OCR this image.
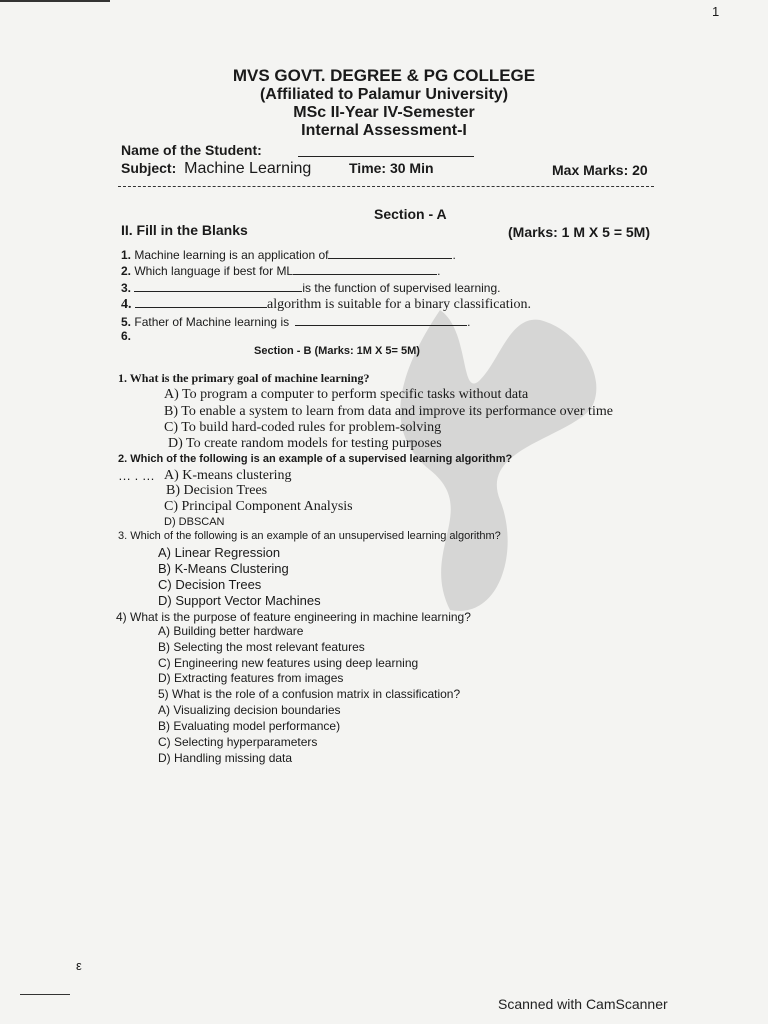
1
MVS GOVT. DEGREE & PG COLLEGE
(Affiliated to Palamur University)
MSc II-Year IV-Semester
Internal Assessment-I
Name of the Student:
Subject: Machine Learning	Time: 30 Min	Max Marks: 20
Section - A
II. Fill in the Blanks	(Marks: 1 M X 5 = 5M)
1. Machine learning is an application of	.
2. Which language if best for ML	.
3.	is the function of supervised learning.
4.	algorithm is suitable for a binary classification.
5. Father of Machine learning is	.
6.
Section - B (Marks: 1M X 5= 5M)
1. What is the primary goal of machine learning?
A) To program a computer to perform specific tasks without data
B) To enable a system to learn from data and improve its performance over time
C) To build hard-coded rules for problem-solving
D) To create random models for testing purposes
2. Which of the following is an example of a supervised learning algorithm?
… . … A) K-means clustering
B) Decision Trees
C) Principal Component Analysis
D) DBSCAN
3. Which of the following is an example of an unsupervised learning algorithm?
A) Linear Regression
B) K-Means Clustering
C) Decision Trees
D) Support Vector Machines
4) What is the purpose of feature engineering in machine learning?
A) Building better hardware
B) Selecting the most relevant features
C) Engineering new features using deep learning
D) Extracting features from images
5) What is the role of a confusion matrix in classification?
A) Visualizing decision boundaries
B) Evaluating model performance)
C) Selecting hyperparameters
D) Handling missing data
ε
Scanned with CamScanner
